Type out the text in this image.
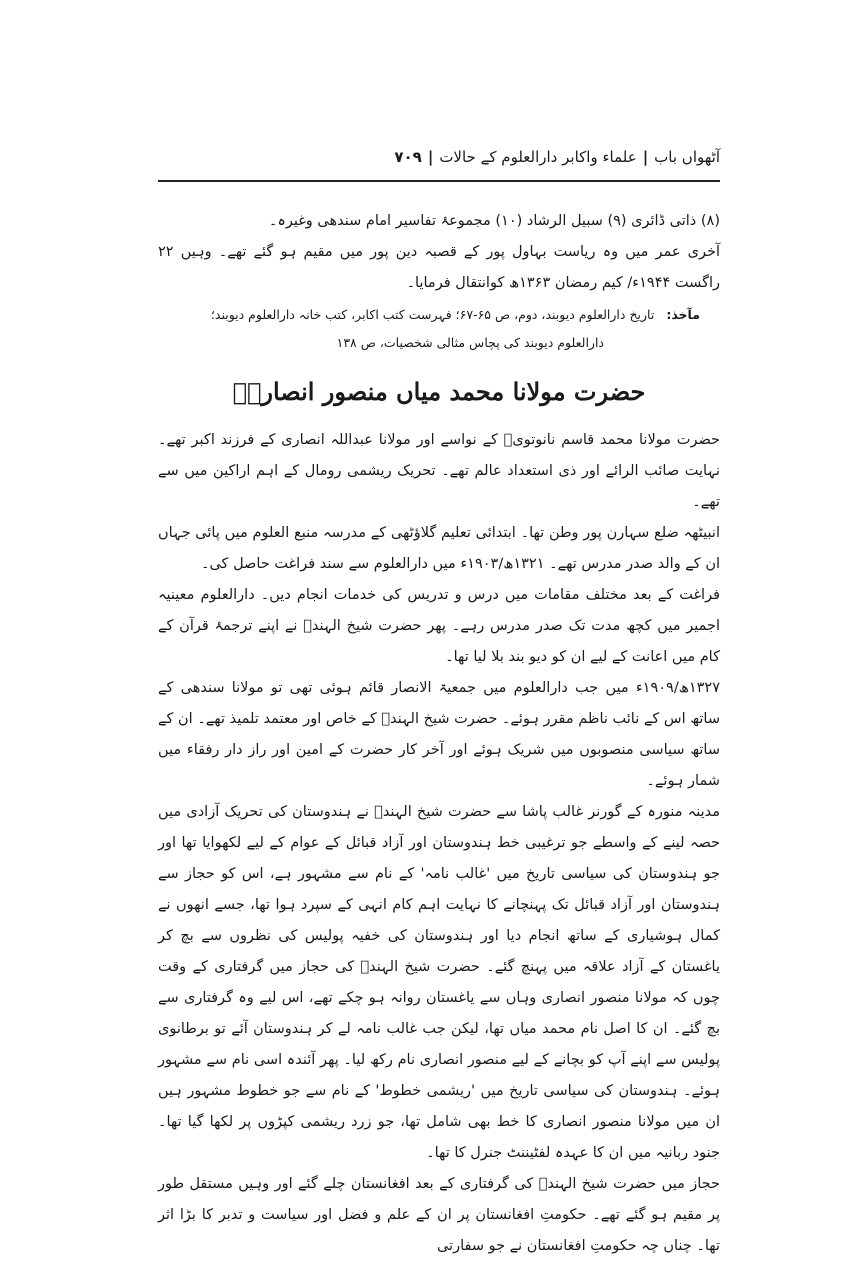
آٹھواں باب|علماء واکابر دارالعلوم کے حالات|۷۰۹

(۸) ذاتی ڈائری (۹) سبیل الرشاد (۱۰) مجموعۂ تفاسیر امام سندھی وغیرہ۔

آخری عمر میں وہ ریاست بہاول پور کے قصبہ دین پور میں مقیم ہو گئے تھے۔ وہیں ۲۲ راگست ۱۹۴۴ء/ کیم رمضان ۱۳۶۳ھ کوانتقال فرمایا۔

مآخذ:تاریخ دارالعلوم دیوبند، دوم، ص ۶۵-۶۷؛ فہرست کتب اکابر، کتب خانہ دارالعلوم دیوبند؛
دارالعلوم دیوبند کی پچاس مثالی شخصیات، ص ۱۳۸
حضرت مولانا محمد میاں منصور انصاریؒ

حضرت مولانا محمد قاسم نانوتویؒ کے نواسے اور مولانا عبداللہ انصاری کے فرزند اکبر تھے۔ نہایت صائب الرائے اور ذی استعداد عالم تھے۔ تحریک ریشمی رومال کے اہم اراکین میں سے تھے۔

انبیٹھہ ضلع سہارن پور وطن تھا۔ ابتدائی تعلیم گلاؤٹھی کے مدرسہ منبع العلوم میں پائی جہاں ان کے والد صدر مدرس تھے۔ ۱۳۲۱ھ/۱۹۰۳ء میں دارالعلوم سے سند فراغت حاصل کی۔

فراغت کے بعد مختلف مقامات میں درس و تدریس کی خدمات انجام دیں۔ دارالعلوم معینیہ اجمیر میں کچھ مدت تک صدر مدرس رہے۔ پھر حضرت شیخ الہندؒ نے اپنے ترجمۂ قرآن کے کام میں اعانت کے لیے ان کو دیو بند بلا لیا تھا۔

۱۳۲۷ھ/۱۹۰۹ء میں جب دارالعلوم میں جمعیۃ الانصار قائم ہوئی تھی تو مولانا سندھی کے ساتھ اس کے نائب ناظم مقرر ہوئے۔ حضرت شیخ الہندؒ کے خاص اور معتمد تلمیذ تھے۔ ان کے ساتھ سیاسی منصوبوں میں شریک ہوئے اور آخر کار حضرت کے امین اور راز دار رفقاء میں شمار ہوئے۔

مدینہ منورہ کے گورنر غالب پاشا سے حضرت شیخ الہندؒ نے ہندوستان کی تحریک آزادی میں حصہ لینے کے واسطے جو ترغیبی خط ہندوستان اور آزاد قبائل کے عوام کے لیے لکھوایا تھا اور جو ہندوستان کی سیاسی تاریخ میں 'غالب نامہ' کے نام سے مشہور ہے، اس کو حجاز سے ہندوستان اور آزاد قبائل تک پہنچانے کا نہایت اہم کام انہی کے سپرد ہوا تھا، جسے انھوں نے کمال ہوشیاری کے ساتھ انجام دیا اور ہندوستان کی خفیہ پولیس کی نظروں سے بچ کر یاغستان کے آزاد علاقہ میں پہنچ گئے۔ حضرت شیخ الہندؒ کی حجاز میں گرفتاری کے وقت چوں کہ مولانا منصور انصاری وہاں سے یاغستان روانہ ہو چکے تھے، اس لیے وہ گرفتاری سے بچ گئے۔ ان کا اصل نام محمد میاں تھا، لیکن جب غالب نامہ لے کر ہندوستان آئے تو برطانوی پولیس سے اپنے آپ کو بچانے کے لیے منصور انصاری نام رکھ لیا۔ پھر آئندہ اسی نام سے مشہور ہوئے۔ ہندوستان کی سیاسی تاریخ میں 'ریشمی خطوط' کے نام سے جو خطوط مشہور ہیں ان میں مولانا منصور انصاری کا خط بھی شامل تھا، جو زرد ریشمی کپڑوں پر لکھا گیا تھا۔ جنود ربانیہ میں ان کا عہدہ لفٹیننٹ جنرل کا تھا۔

حجاز میں حضرت شیخ الہندؒ کی گرفتاری کے بعد افغانستان چلے گئے اور وہیں مستقل طور پر مقیم ہو گئے تھے۔ حکومتِ افغانستان پر ان کے علم و فضل اور سیاست و تدبر کا بڑا اثر تھا۔ چناں چہ حکومتِ افغانستان نے جو سفارتی
